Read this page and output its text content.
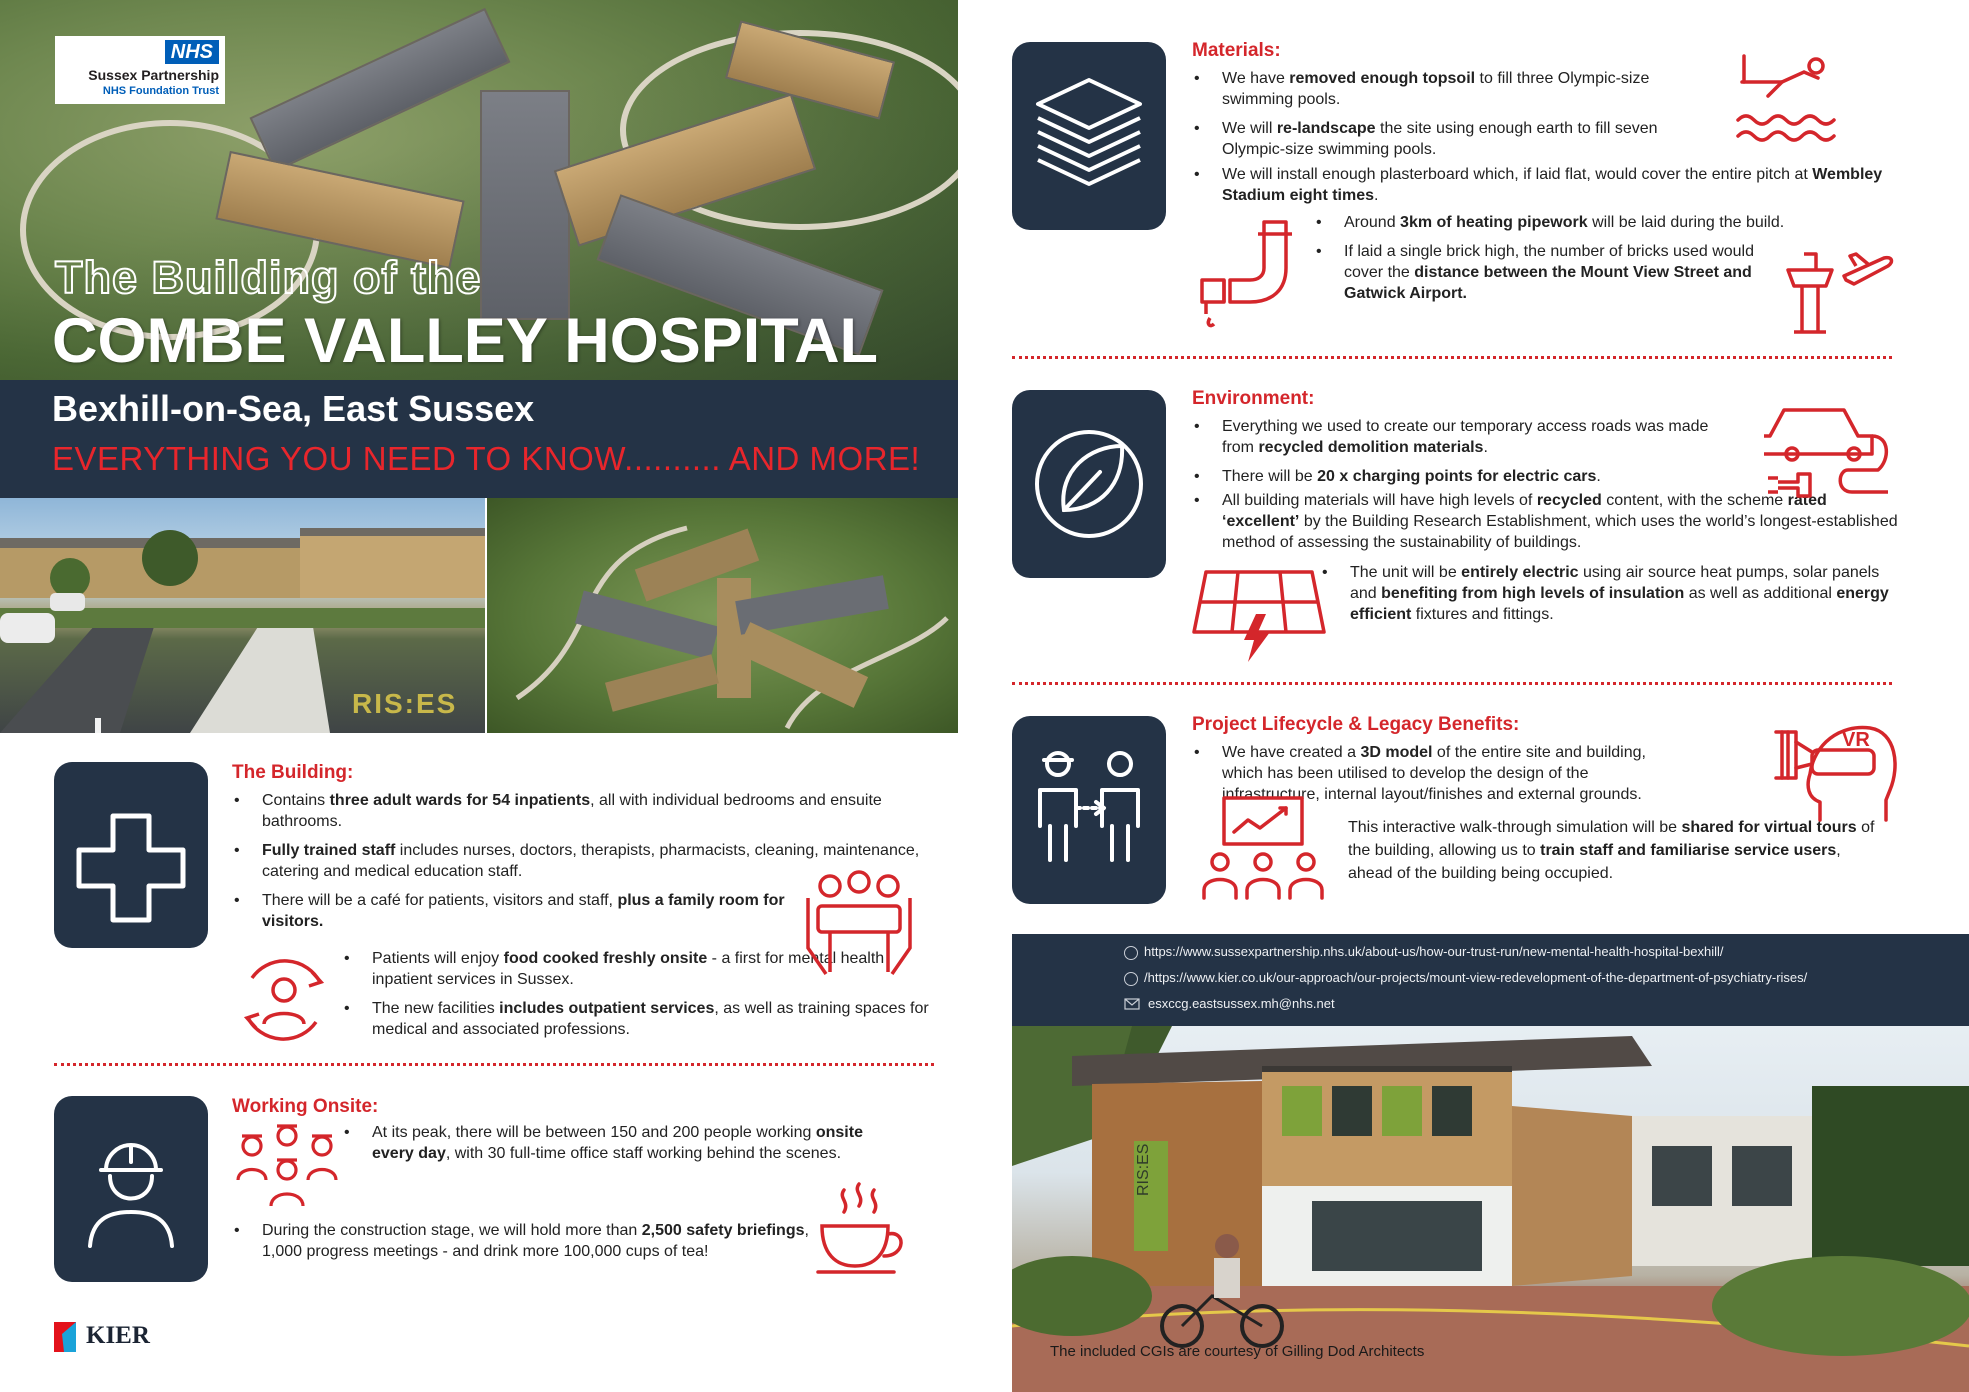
NHS
Sussex Partnership
NHS Foundation Trust
The Building of the
COMBE VALLEY HOSPITAL
Bexhill-on-Sea, East Sussex
EVERYTHING YOU NEED TO KNOW.......... AND MORE!
RIS:ES
The Building:
• Contains three adult wards for 54 inpatients, all with individual bedrooms and ensuite bathrooms.
• Fully trained staff includes nurses, doctors, therapists, pharmacists, cleaning, maintenance, catering and medical education staff.
• There will be a café for patients, visitors and staff, plus a family room for visitors.
• Patients will enjoy food cooked freshly onsite - a first for mental health inpatient services in Sussex.
• The new facilities includes outpatient services, as well as training spaces for medical and associated professions.
Working Onsite:
• At its peak, there will be between 150 and 200 people working onsite every day, with 30 full-time office staff working behind the scenes.
• During the construction stage, we will hold more than 2,500 safety briefings, 1,000 progress meetings - and drink more 100,000 cups of tea!
KIER
Materials:
• We have removed enough topsoil to fill three Olympic-size swimming pools.
• We will re-landscape the site using enough earth to fill seven Olympic-size swimming pools.
• We will install enough plasterboard which, if laid flat, would cover the entire pitch at Wembley Stadium eight times.
• Around 3km of heating pipework will be laid during the build.
• If laid a single brick high, the number of bricks used would cover the distance between the Mount View Street and Gatwick Airport.
Environment:
• Everything we used to create our temporary access roads was made from recycled demolition materials.
• There will be 20 x charging points for electric cars.
• All building materials will have high levels of recycled content, with the scheme rated ‘excellent’ by the Building Research Establishment, which uses the world’s longest-established method of assessing the sustainability of buildings.
• The unit will be entirely electric using air source heat pumps, solar panels and benefiting from high levels of insulation as well as additional energy efficient fixtures and fittings.
Project Lifecycle & Legacy Benefits:
• We have created a 3D model of the entire site and building, which has been utilised to develop the design of the infrastructure, internal layout/finishes and external grounds.
This interactive walk-through simulation will be shared for virtual tours of the building, allowing us to train staff and familiarise service users, ahead of the building being occupied.
VR
https://www.sussexpartnership.nhs.uk/about-us/how-our-trust-run/new-mental-health-hospital-bexhill/
/https://www.kier.co.uk/our-approach/our-projects/mount-view-redevelopment-of-the-department-of-psychiatry-rises/
esxccg.eastsussex.mh@nhs.net
RIS:ES
The included CGIs are courtesy of Gilling Dod Architects
